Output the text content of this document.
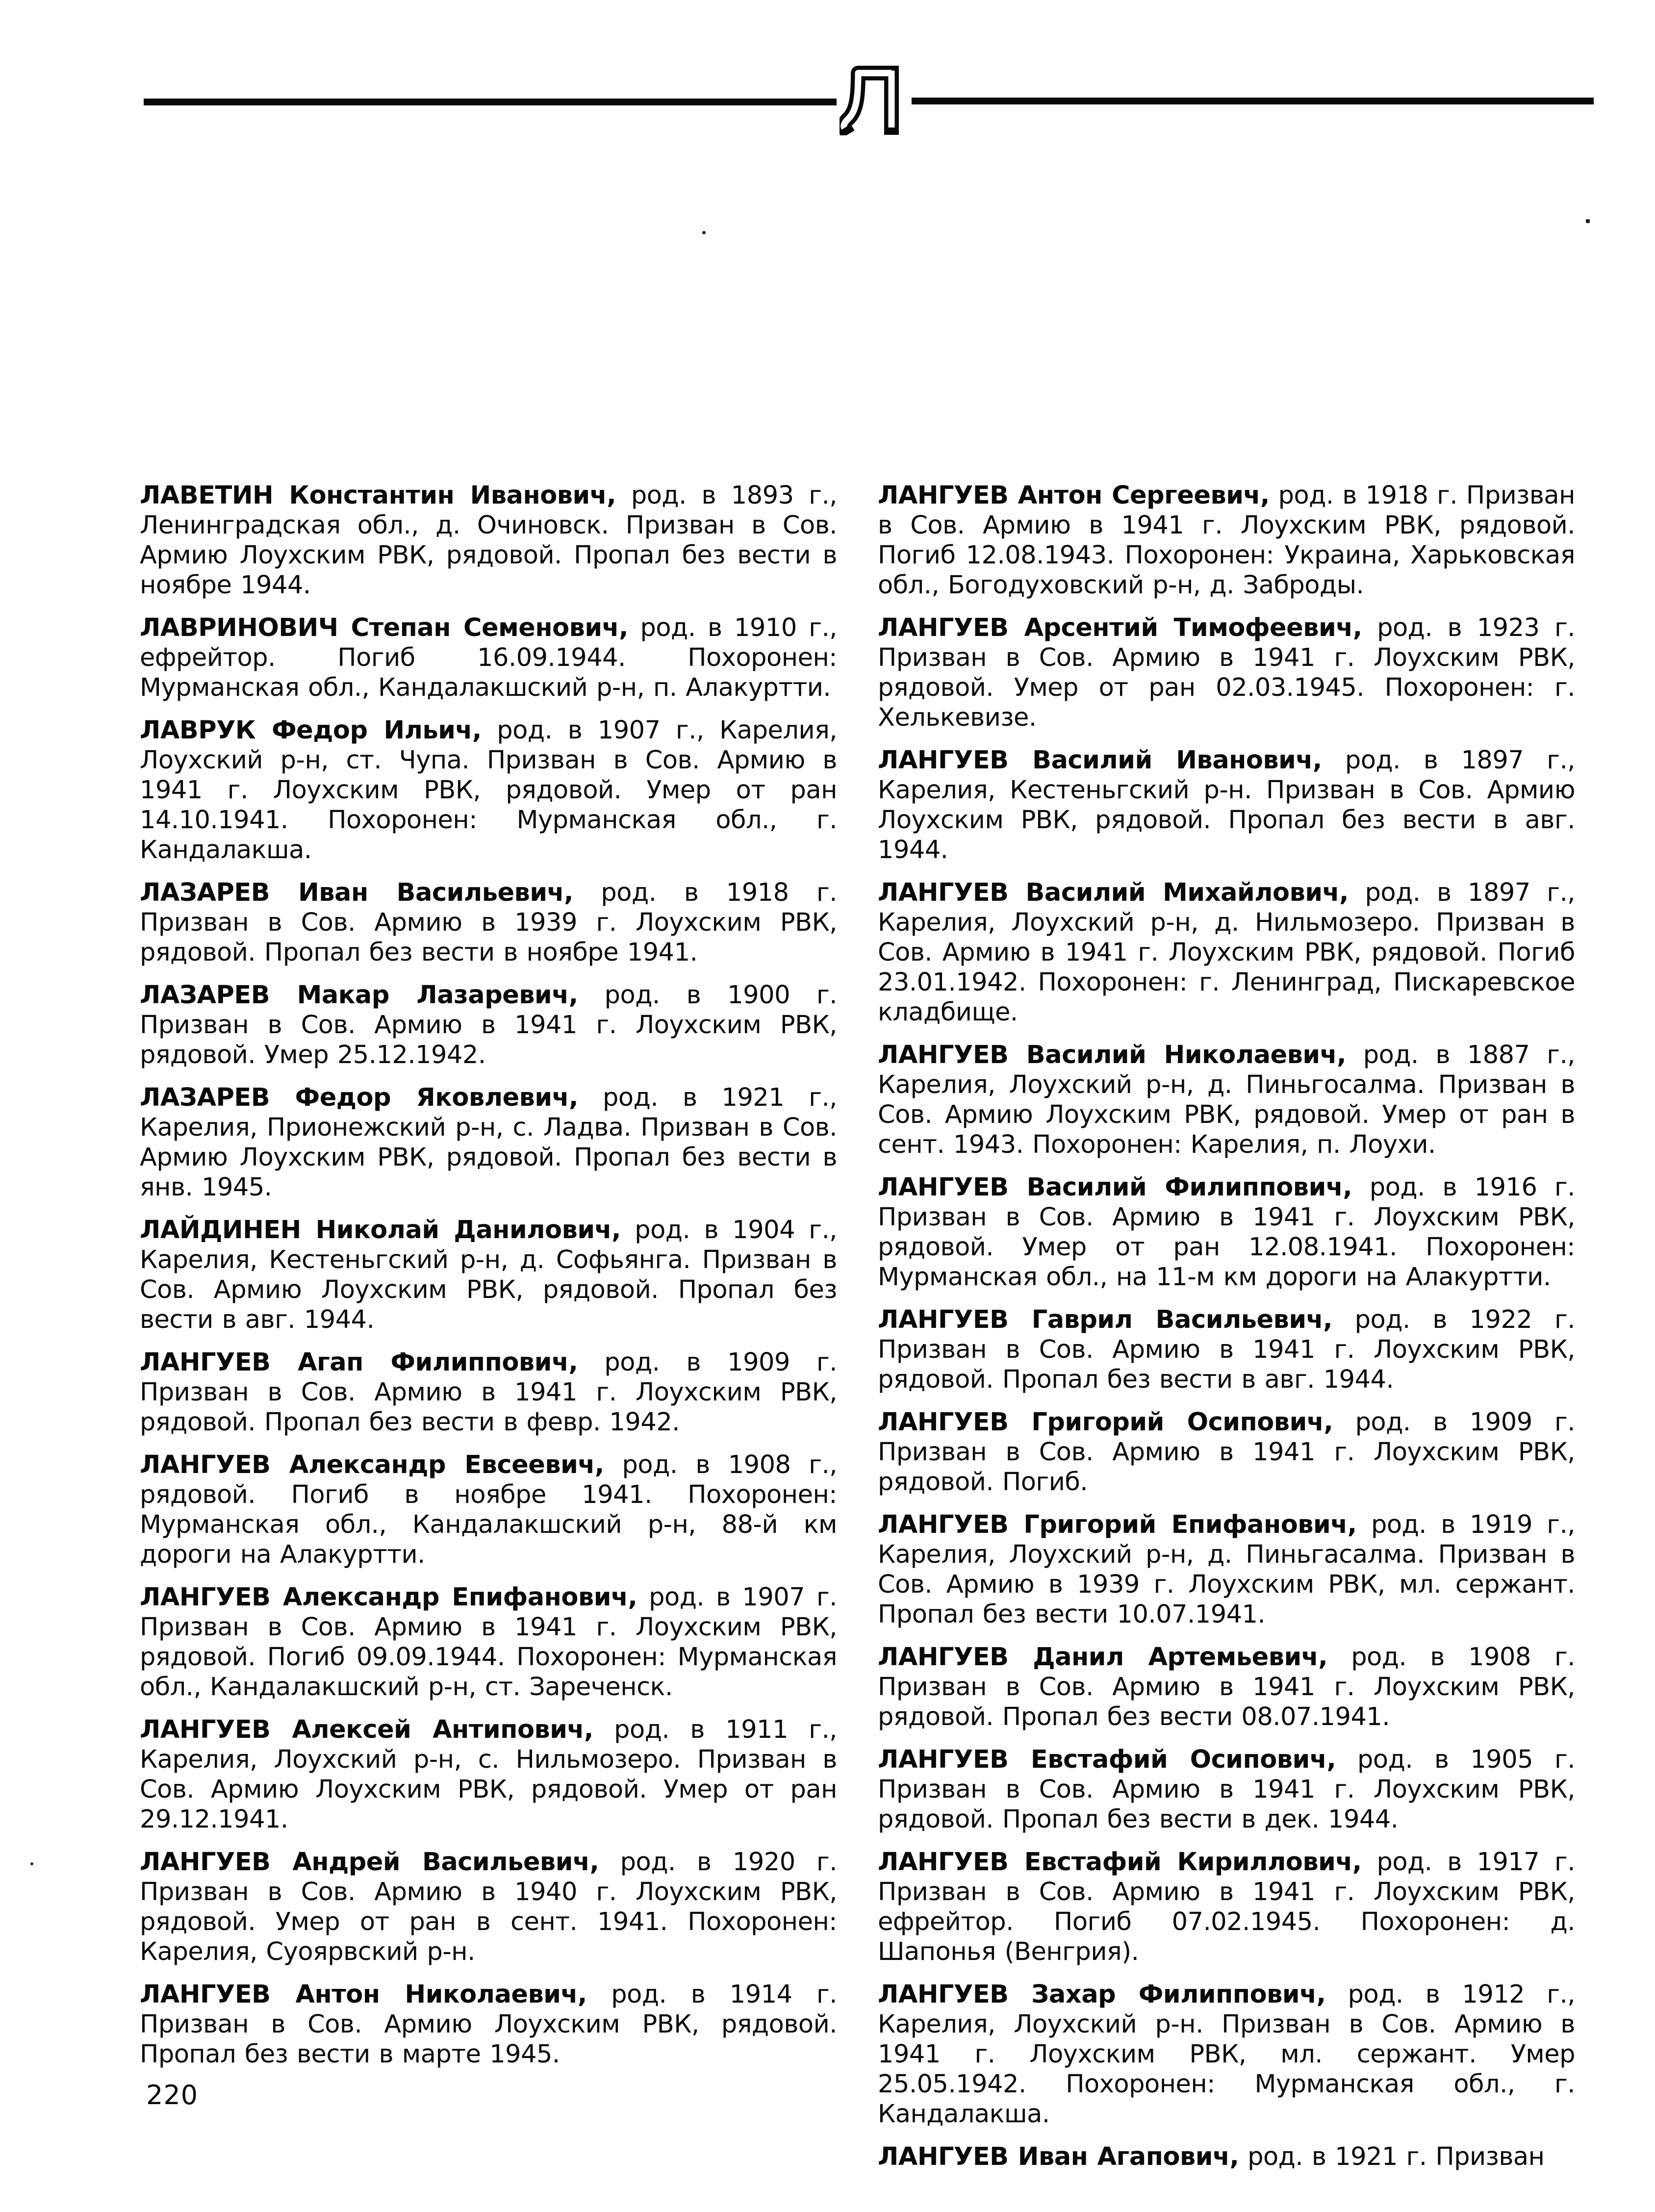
ЛАВЕТИН Константин Иванович, род. в 1893 г., Ленинградская обл., д. Очиновск. Призван в Сов. Армию Лоухским РВК, рядовой. Пропал без вести в ноябре 1944.

ЛАВРИНОВИЧ Степан Семенович, род. в 1910 г., ефрейтор. Погиб 16.09.1944. Похоронен: Мурманская обл., Кандалакшский р-н, п. Алакуртти.

ЛАВРУК Федор Ильич, род. в 1907 г., Карелия, Лоухский р-н, ст. Чупа. Призван в Сов. Армию в 1941 г. Лоухским РВК, рядовой. Умер от ран 14.10.1941. Похоронен: Мурманская обл., г. Кандалакша.

ЛАЗАРЕВ Иван Васильевич, род. в 1918 г. Призван в Сов. Армию в 1939 г. Лоухским РВК, рядовой. Пропал без вести в ноябре 1941.

ЛАЗАРЕВ Макар Лазаревич, род. в 1900 г. Призван в Сов. Армию в 1941 г. Лоухским РВК, рядовой. Умер 25.12.1942.

ЛАЗАРЕВ Федор Яковлевич, род. в 1921 г., Карелия, Прионежский р-н, с. Ладва. Призван в Сов. Армию Лоухским РВК, рядовой. Пропал без вести в янв. 1945.

ЛАЙДИНЕН Николай Данилович, род. в 1904 г., Карелия, Кестеньгский р-н, д. Софьянга. Призван в Сов. Армию Лоухским РВК, рядовой. Пропал без вести в авг. 1944.

ЛАНГУЕВ Агап Филиппович, род. в 1909 г. Призван в Сов. Армию в 1941 г. Лоухским РВК, рядовой. Пропал без вести в февр. 1942.

ЛАНГУЕВ Александр Евсеевич, род. в 1908 г., рядовой. Погиб в ноябре 1941. Похоронен: Мурманская обл., Кандалакшский р-н, 88-й км дороги на Алакуртти.

ЛАНГУЕВ Александр Епифанович, род. в 1907 г. Призван в Сов. Армию в 1941 г. Лоухским РВК, рядовой. Погиб 09.09.1944. Похоронен: Мурманская обл., Кандалакшский р-н, ст. Зареченск.

ЛАНГУЕВ Алексей Антипович, род. в 1911 г., Карелия, Лоухский р-н, с. Нильмозеро. Призван в Сов. Армию Лоухским РВК, рядовой. Умер от ран 29.12.1941.

ЛАНГУЕВ Андрей Васильевич, род. в 1920 г. Призван в Сов. Армию в 1940 г. Лоухским РВК, рядовой. Умер от ран в сент. 1941. Похоронен: Карелия, Суоярвский р-н.

ЛАНГУЕВ Антон Николаевич, род. в 1914 г. Призван в Сов. Армию Лоухским РВК, рядовой. Пропал без вести в марте 1945.

ЛАНГУЕВ Антон Сергеевич, род. в 1918 г. Призван в Сов. Армию в 1941 г. Лоухским РВК, рядовой. Погиб 12.08.1943. Похоронен: Украина, Харьковская обл., Богодуховский р-н, д. Заброды.

ЛАНГУЕВ Арсентий Тимофеевич, род. в 1923 г. Призван в Сов. Армию в 1941 г. Лоухским РВК, рядовой. Умер от ран 02.03.1945. Похоронен: г. Хелькевизе.

ЛАНГУЕВ Василий Иванович, род. в 1897 г., Карелия, Кестеньгский р-н. Призван в Сов. Армию Лоухским РВК, рядовой. Пропал без вести в авг. 1944.

ЛАНГУЕВ Василий Михайлович, род. в 1897 г., Карелия, Лоухский р-н, д. Нильмозеро. Призван в Сов. Армию в 1941 г. Лоухским РВК, рядовой. Погиб 23.01.1942. Похоронен: г. Ленинград, Пискаревское кладбище.

ЛАНГУЕВ Василий Николаевич, род. в 1887 г., Карелия, Лоухский р-н, д. Пиньгосалма. Призван в Сов. Армию Лоухским РВК, рядовой. Умер от ран в сент. 1943. Похоронен: Карелия, п. Лоухи.

ЛАНГУЕВ Василий Филиппович, род. в 1916 г. Призван в Сов. Армию в 1941 г. Лоухским РВК, рядовой. Умер от ран 12.08.1941. Похоронен: Мурманская обл., на 11-м км дороги на Алакуртти.

ЛАНГУЕВ Гаврил Васильевич, род. в 1922 г. Призван в Сов. Армию в 1941 г. Лоухским РВК, рядовой. Пропал без вести в авг. 1944.

ЛАНГУЕВ Григорий Осипович, род. в 1909 г. Призван в Сов. Армию в 1941 г. Лоухским РВК, рядовой. Погиб.

ЛАНГУЕВ Григорий Епифанович, род. в 1919 г., Карелия, Лоухский р-н, д. Пиньгасалма. Призван в Сов. Армию в 1939 г. Лоухским РВК, мл. сержант. Пропал без вести 10.07.1941.

ЛАНГУЕВ Данил Артемьевич, род. в 1908 г. Призван в Сов. Армию в 1941 г. Лоухским РВК, рядовой. Пропал без вести 08.07.1941.

ЛАНГУЕВ Евстафий Осипович, род. в 1905 г. Призван в Сов. Армию в 1941 г. Лоухским РВК, рядовой. Пропал без вести в дек. 1944.

ЛАНГУЕВ Евстафий Кириллович, род. в 1917 г. Призван в Сов. Армию в 1941 г. Лоухским РВК, ефрейтор. Погиб 07.02.1945. Похоронен: д. Шапонья (Венгрия).

ЛАНГУЕВ Захар Филиппович, род. в 1912 г., Карелия, Лоухский р-н. Призван в Сов. Армию в 1941 г. Лоухским РВК, мл. сержант. Умер 25.05.1942. Похоронен: Мурманская обл., г. Кандалакша.

ЛАНГУЕВ Иван Агапович, род. в 1921 г. Призван

220
